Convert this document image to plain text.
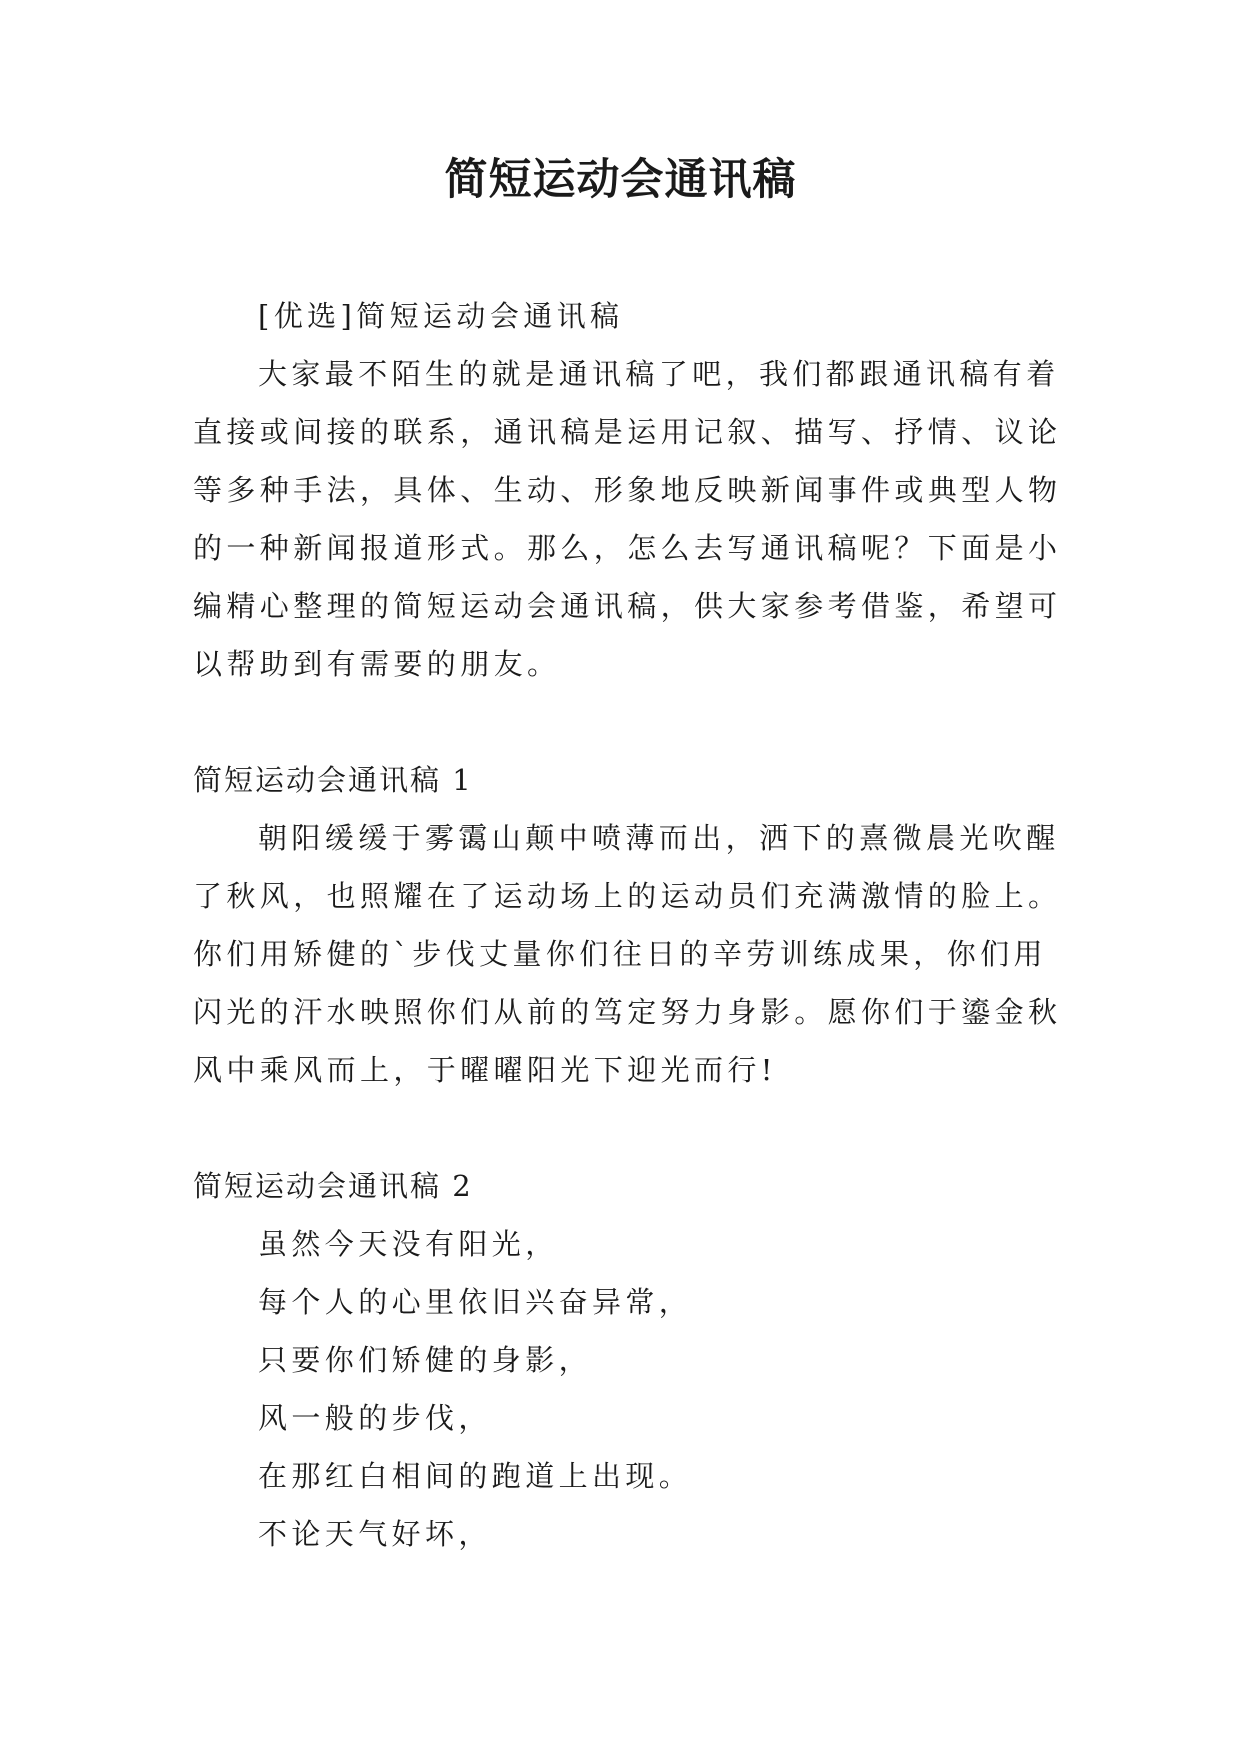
简短运动会通讯稿
[优选]简短运动会通讯稿
大家最不陌生的就是通讯稿了吧，我们都跟通讯稿有着
直接或间接的联系，通讯稿是运用记叙、描写、抒情、议论
等多种手法，具体、生动、形象地反映新闻事件或典型人物
的一种新闻报道形式。那么，怎么去写通讯稿呢？下面是小
编精心整理的简短运动会通讯稿，供大家参考借鉴，希望可
以帮助到有需要的朋友。
简短运动会通讯稿 1
朝阳缓缓于雾霭山颠中喷薄而出，洒下的熹微晨光吹醒
了秋风，也照耀在了运动场上的运动员们充满激情的脸上。
你们用矫健的`步伐丈量你们往日的辛劳训练成果，你们用
闪光的汗水映照你们从前的笃定努力身影。愿你们于鎏金秋
风中乘风而上，于曜曜阳光下迎光而行!
简短运动会通讯稿 2
虽然今天没有阳光，
每个人的心里依旧兴奋异常，
只要你们矫健的身影，
风一般的步伐，
在那红白相间的跑道上出现。
不论天气好坏，
